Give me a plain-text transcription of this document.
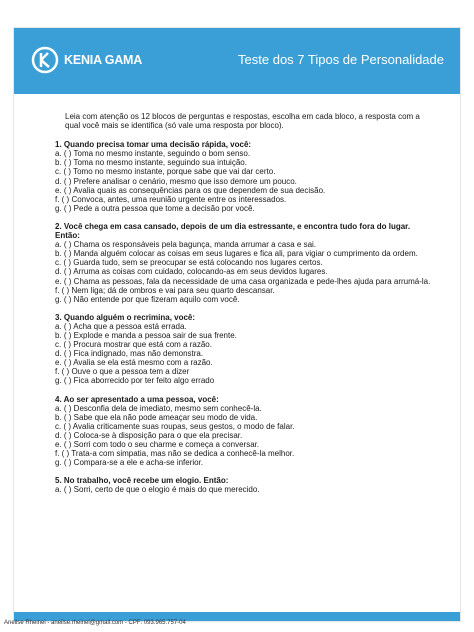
KENIA GAMA	Teste dos 7 Tipos de Personalidade

Leia com atenção os 12 blocos de perguntas e respostas, escolha em cada bloco, a resposta com a qual você mais se identifica (só vale uma resposta por bloco).

1. Quando precisa tomar uma decisão rápida, você:

a. ( ) Toma no mesmo instante, seguindo o bom senso.

b. ( ) Toma no mesmo instante, seguindo sua intuição.

c. ( ) Tomo no mesmo instante, porque sabe que vai dar certo.

d. ( ) Prefere analisar o cenário, mesmo que isso demore um pouco.

e. ( ) Avalia quais as consequências para os que dependem de sua decisão.

f. ( ) Convoca, antes, uma reunião urgente entre os interessados.

g. ( ) Pede a outra pessoa que tome a decisão por você.

2. Você chega em casa cansado, depois de um dia estressante, e encontra tudo fora do lugar. Então:

a. ( ) Chama os responsáveis pela bagunça, manda arrumar a casa e sai.

b. ( ) Manda alguém colocar as coisas em seus lugares e fica ali, para vigiar o cumprimento da ordem.

c. ( ) Guarda tudo, sem se preocupar se está colocando nos lugares certos.

d. ( ) Arruma as coisas com cuidado, colocando-as em seus devidos lugares.

e. ( ) Chama as pessoas, fala da necessidade de uma casa organizada e pede-lhes ajuda para arrumá-la.

f. ( ) Nem liga; dá de ombros e vai para seu quarto descansar.

g. ( ) Não entende por que fizeram aquilo com você.

3. Quando alguém o recrimina, você:

a. ( ) Acha que a pessoa está errada.

b. ( ) Explode e manda a pessoa sair de sua frente.

c. ( ) Procura mostrar que está com a razão.

d. ( ) Fica indignado, mas não demonstra.

e. ( ) Avalia se ela está mesmo com a razão.

f. ( ) Ouve o que a pessoa tem a dizer

g. ( ) Fica aborrecido por ter feito algo errado

4. Ao ser apresentado a uma pessoa, você:

a. ( ) Desconfia dela de imediato, mesmo sem conhecê-la.

b. ( ) Sabe que ela não pode ameaçar seu modo de vida.

c. ( ) Avalia criticamente suas roupas, seus gestos, o modo de falar.

d. ( ) Coloca-se à disposição para o que ela precisar.

e. ( ) Sorri com todo o seu charme e começa a conversar.

f. ( ) Trata-a com simpatia, mas não se dedica a conhecê-la melhor.

g. ( ) Compara-se a ele e acha-se inferior.

5. No trabalho, você recebe um elogio. Então:

a. ( ) Sorri, certo de que o elogio é mais do que merecido.

Aneilse Rheinel - aneilse.rheinel@gmail.com - CPF: 093.965.757-04
